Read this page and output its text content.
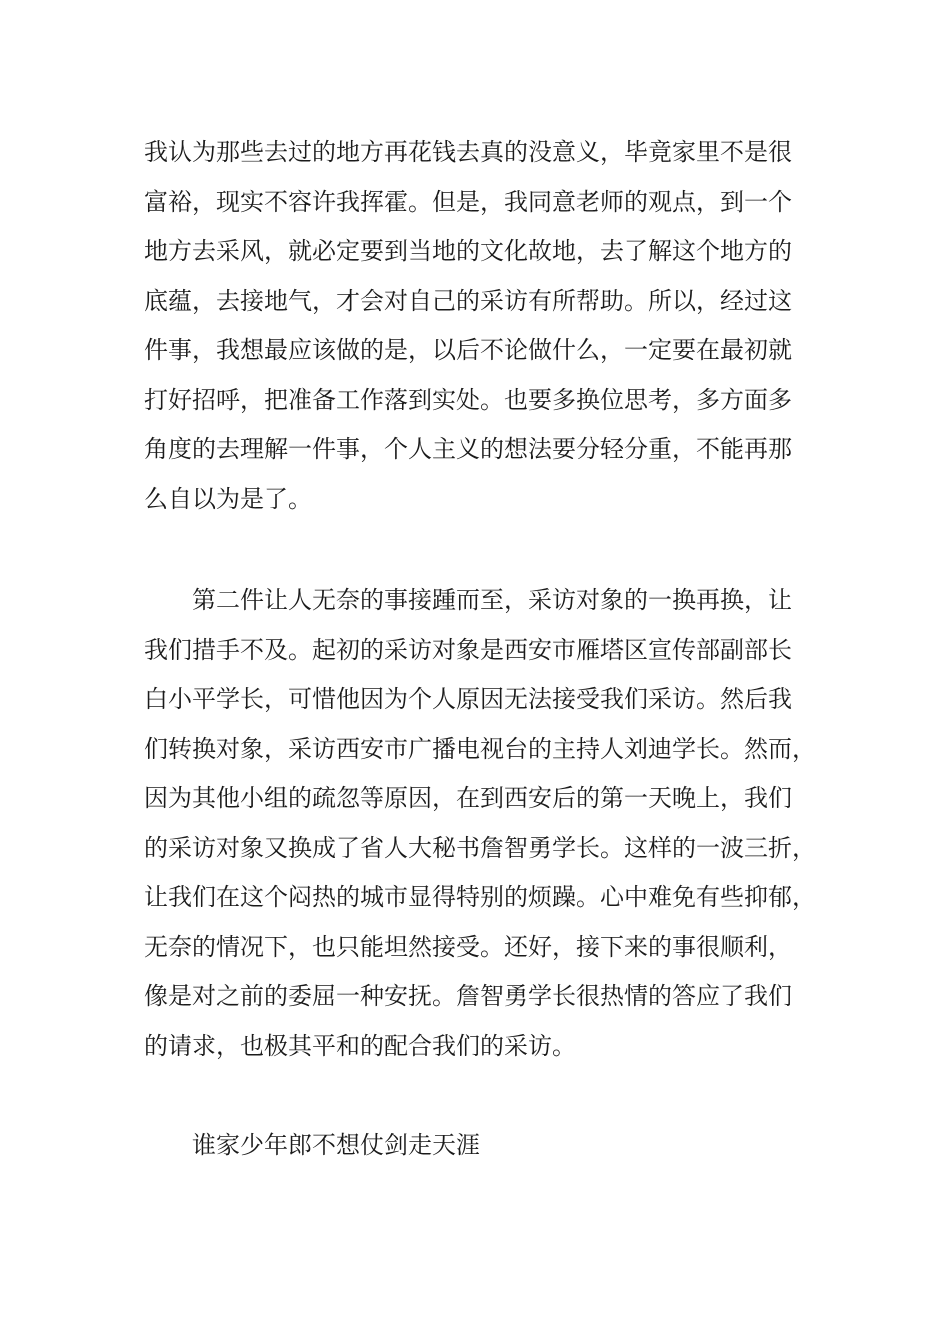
我认为那些去过的地方再花钱去真的没意义，毕竟家里不是很
富裕，现实不容许我挥霍。但是，我同意老师的观点，到一个
地方去采风，就必定要到当地的文化故地，去了解这个地方的
底蕴，去接地气，才会对自己的采访有所帮助。所以，经过这
件事，我想最应该做的是，以后不论做什么，一定要在最初就
打好招呼，把准备工作落到实处。也要多换位思考，多方面多
角度的去理解一件事，个人主义的想法要分轻分重，不能再那
么自以为是了。
第二件让人无奈的事接踵而至，采访对象的一换再换，让
我们措手不及。起初的采访对象是西安市雁塔区宣传部副部长
白小平学长，可惜他因为个人原因无法接受我们采访。然后我
们转换对象，采访西安市广播电视台的主持人刘迪学长。然而，
因为其他小组的疏忽等原因，在到西安后的第一天晚上，我们
的采访对象又换成了省人大秘书詹智勇学长。这样的一波三折，
让我们在这个闷热的城市显得特别的烦躁。心中难免有些抑郁，
无奈的情况下，也只能坦然接受。还好，接下来的事很顺利，
像是对之前的委屈一种安抚。詹智勇学长很热情的答应了我们
的请求，也极其平和的配合我们的采访。
谁家少年郎不想仗剑走天涯
